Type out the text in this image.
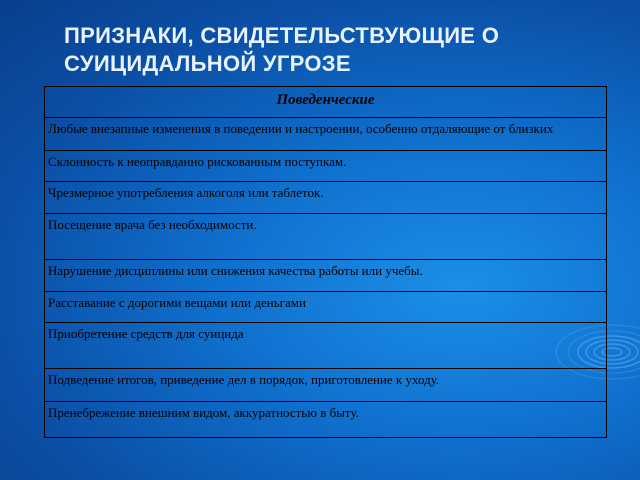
ПРИЗНАКИ, СВИДЕТЕЛЬСТВУЮЩИЕ О
СУИЦИДАЛЬНОЙ УГРОЗЕ
Поведенческие
Любые внезапные изменения в поведении и настроении, особенно отдаляющие от близких
Склонность к неоправданно рискованным поступкам.
Чрезмерное употребления алкоголя или таблеток.
Посещение врача без необходимости.
Нарушение дисциплины или снижения качества работы или учебы.
Расставание с дорогими вещами или деньгами
Приобретение средств для суицида
Подведение итогов, приведение дел в порядок, приготовление к уходу.
Пренебрежение внешним видом, аккуратностью в быту.
